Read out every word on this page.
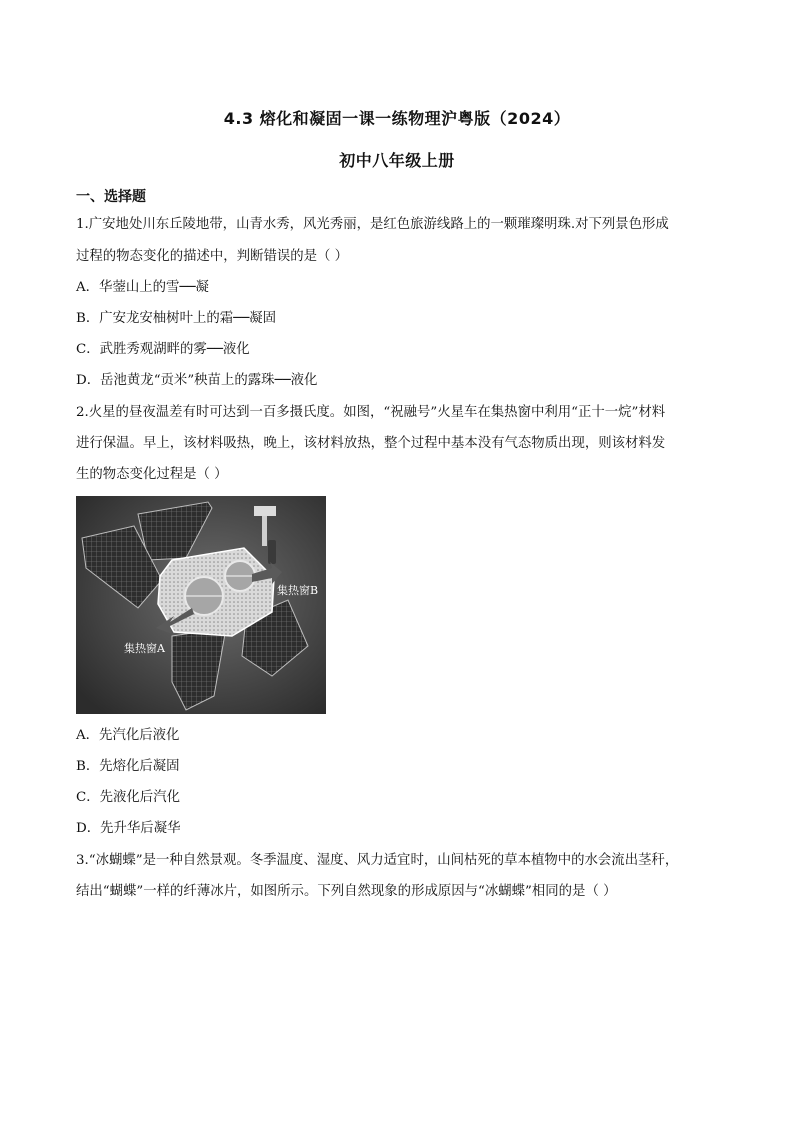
4.3 熔化和凝固一课一练物理沪粤版（2024）
初中八年级上册
一、选择题
1.广安地处川东丘陵地带，山青水秀，风光秀丽，是红色旅游线路上的一颗璀璨明珠.对下列景色形成
过程的物态变化的描述中，判断错误的是（ ）
A．华蓥山上的雪──凝
B．广安龙安柚树叶上的霜──凝固
C．武胜秀观湖畔的雾──液化
D．岳池黄龙“贡米”秧苗上的露珠──液化
2.火星的昼夜温差有时可达到一百多摄氏度。如图，“祝融号”火星车在集热窗中利用“正十一烷”材料
进行保温。早上，该材料吸热，晚上，该材料放热，整个过程中基本没有气态物质出现，则该材料发
生的物态变化过程是（ ）
集热窗B
集热窗A
A．先汽化后液化
B．先熔化后凝固
C．先液化后汽化
D．先升华后凝华
3.“冰蝴蝶”是一种自然景观。冬季温度、湿度、风力适宜时，山间枯死的草本植物中的水会流出茎秆，
结出“蝴蝶”一样的纤薄冰片，如图所示。下列自然现象的形成原因与“冰蝴蝶”相同的是（ ）
